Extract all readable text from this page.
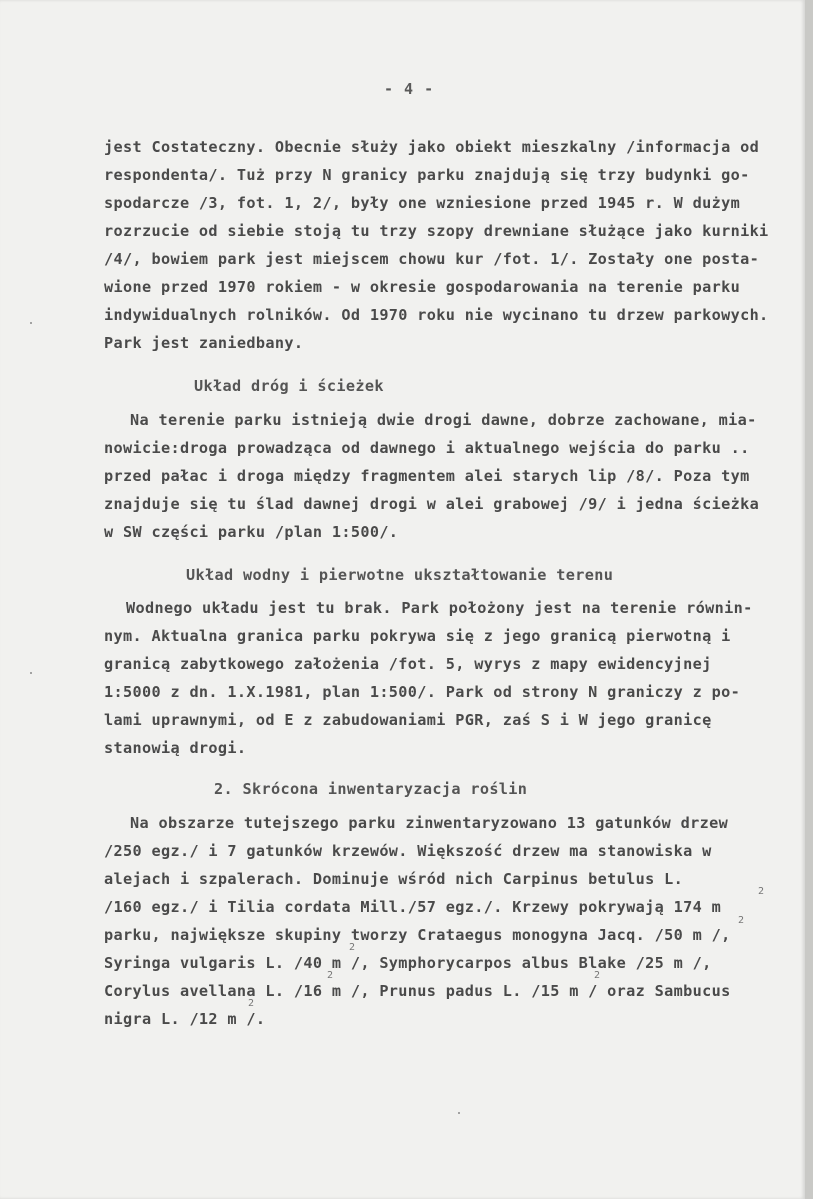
- 4 -
jest Costateczny. Obecnie służy jako obiekt mieszkalny /informacja od
respondenta/. Tuż przy N granicy parku znajdują się trzy budynki go-
spodarcze /3, fot. 1, 2/, były one wzniesione przed 1945 r. W dużym
rozrzucie od siebie stoją tu trzy szopy drewniane służące jako kurniki
/4/, bowiem park jest miejscem chowu kur /fot. 1/. Zostały one posta-
wione przed 1970 rokiem - w okresie gospodarowania na terenie parku
indywidualnych rolników. Od 1970 roku nie wycinano tu drzew parkowych.
Park jest zaniedbany.
Układ dróg i ścieżek
Na terenie parku istnieją dwie drogi dawne, dobrze zachowane, mia-
nowicie:droga prowadząca od dawnego i aktualnego wejścia do parku ..
przed pałac i droga między fragmentem alei starych lip /8/. Poza tym
znajduje się tu ślad dawnej drogi w alei grabowej /9/ i jedna ścieżka
w SW części parku /plan 1:500/.
Układ wodny i pierwotne ukształtowanie terenu
Wodnego układu jest tu brak. Park położony jest na terenie równin-
nym. Aktualna granica parku pokrywa się z jego granicą pierwotną i
granicą zabytkowego założenia /fot. 5, wyrys z mapy ewidencyjnej
1:5000 z dn. 1.X.1981, plan 1:500/. Park od strony N graniczy z po-
lami uprawnymi, od E z zabudowaniami PGR, zaś S i W jego granicę
stanowią drogi.
2. Skrócona inwentaryzacja roślin
Na obszarze tutejszego parku zinwentaryzowano 13 gatunków drzew
/250 egz./ i 7 gatunków krzewów. Większość drzew ma stanowiska w
alejach i szpalerach. Dominuje wśród nich Carpinus betulus L.
/160 egz./ i Tilia cordata Mill./57 egz./. Krzewy pokrywają 174 m
parku, największe skupiny tworzy Crataegus monogyna Jacq. /50 m /,
Syringa vulgaris L. /40 m /, Symphorycarpos albus Blake /25 m /,
Corylus avellana L. /16 m /, Prunus padus L. /15 m / oraz Sambucus
nigra L. /12 m /.
2
2
2
2	2
2
